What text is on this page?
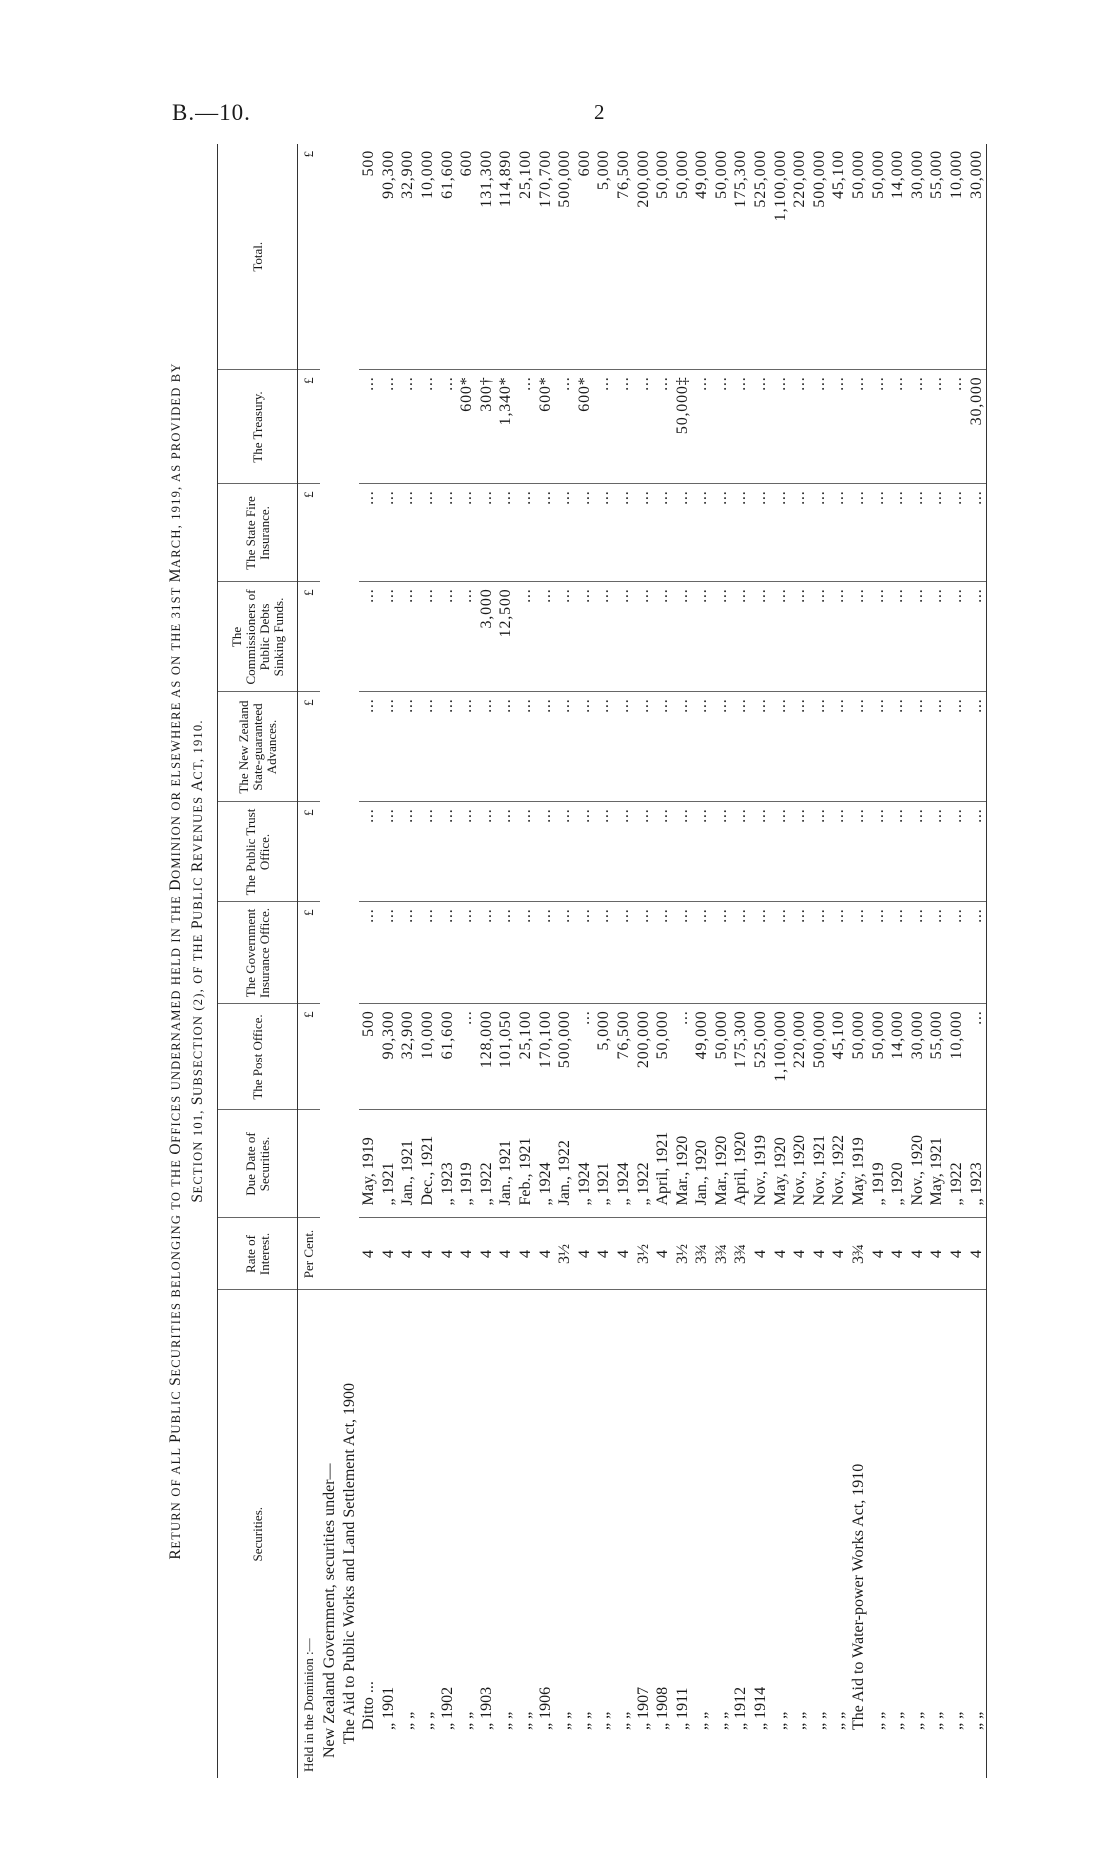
B.—10.	2
RETURN OF ALL PUBLIC SECURITIES BELONGING TO THE OFFICES UNDERNAMED HELD IN THE DOMINION OR ELSEWHERE AS ON THE 31ST MARCH, 1919, AS PROVIDED BY
SECTION 101, SUBSECTION (2), OF THE PUBLIC REVENUES ACT, 1910.
Securities.	Rate of Interest.	Due Date of Securities.	The Post Office.	The Government Insurance Office.	The Public Trust Office.	The New Zealand State-guaranteed Advances.	The Commissioners of Public Debts Sinking Funds.	The State Fire Insurance.	The Treasury.	Total.
Held in the Dominion :—	Per Cent.		£	£	£	£	£	£	£	£
New Zealand Government, securities under—										
The Aid to Public Works and Land Settlement Act, 1900										
Ditto ...	4	May, 1919	500	...	...	...	...	...	...	500
„ 1901	4	„ 1921	90,300	...	...	...	...	...	...	90,300
„ „	4	Jan., 1921	32,900	...	...	...	...	...	...	32,900
„ „	4	Dec., 1921	10,000	...	...	...	...	...	...	10,000
„ 1902	4	„ 1923	61,600	...	...	...	...	...	...	61,600
„ „	4	„ 1919	...	...	...	...	...	...	600*	600
„ 1903	4	„ 1922	128,000	...	...	...	3,000	...	300†	131,300
„ „	4	Jan., 1921	101,050	...	...	...	12,500	...	1,340*	114,890
„ „	4	Feb., 1921	25,100	...	...	...	...	...	...	25,100
„ 1906	4	„ 1924	170,100	...	...	...	...	...	600*	170,700
„ „	3½	Jan., 1922	500,000	...	...	...	...	...	...	500,000
„ „	4	„ 1924	...	...	...	...	...	...	600*	600
„ „	4	„ 1921	5,000	...	...	...	...	...	...	5,000
„ „	4	„ 1924	76,500	...	...	...	...	...	...	76,500
„ 1907	3½	„ 1922	200,000	...	...	...	...	...	...	200,000
„ 1908	4	April, 1921	50,000	...	...	...	...	...	...	50,000
„ 1911	3½	Mar., 1920	...	...	...	...	...	...	50,000‡	50,000
„ „	3¾	Jan., 1920	49,000	...	...	...	...	...	...	49,000
„ „	3¾	Mar., 1920	50,000	...	...	...	...	...	...	50,000
„ 1912	3¾	April, 1920	175,300	...	...	...	...	...	...	175,300
„ 1914	4	Nov., 1919	525,000	...	...	...	...	...	...	525,000
„ „	4	May, 1920	1,100,000	...	...	...	...	...	...	1,100,000
„ „	4	Nov., 1920	220,000	...	...	...	...	...	...	220,000
„ „	4	Nov., 1921	500,000	...	...	...	...	...	...	500,000
„ „	4	Nov., 1922	45,100	...	...	...	...	...	...	45,100
The Aid to Water-power Works Act, 1910	3¾	May, 1919	50,000	...	...	...	...	...	...	50,000
„ „	4	„ 1919	50,000	...	...	...	...	...	...	50,000
„ „	4	„ 1920	14,000	...	...	...	...	...	...	14,000
„ „	4	Nov., 1920	30,000	...	...	...	...	...	...	30,000
„ „	4	May, 1921	55,000	...	...	...	...	...	...	55,000
„ „	4	„ 1922	10,000	...	...	...	...	...	...	10,000
„ „	4	„ 1923	...	...	...	...	...	...	30,000	30,000
